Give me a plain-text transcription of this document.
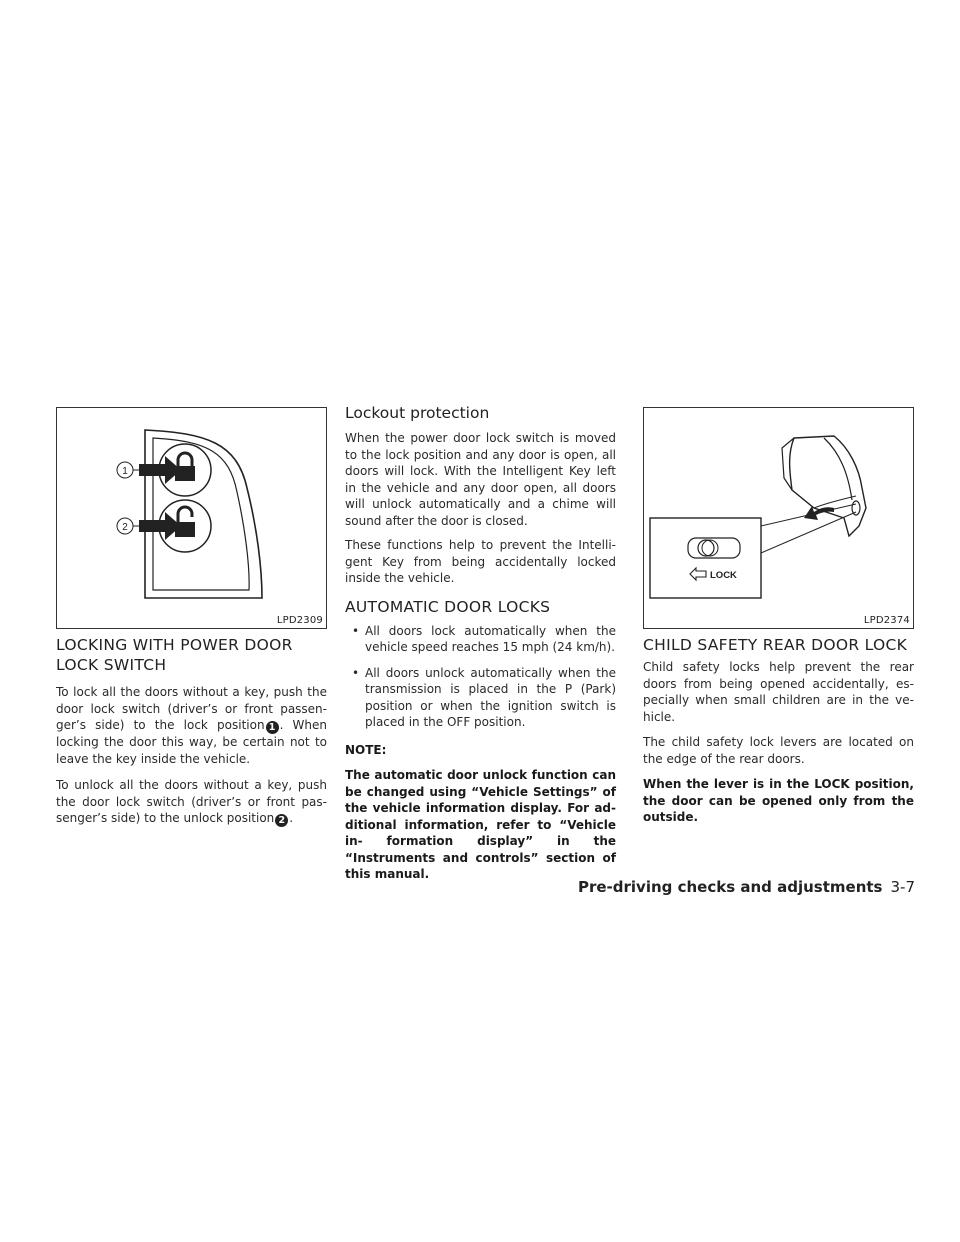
1
2
LPD2309
LOCKING WITH POWER DOOR LOCK SWITCH

To lock all the doors without a key, push the door lock switch (driver’s or front passen- ger’s side) to the lock position 1 . When locking the door this way, be certain not to leave the key inside the vehicle.

To unlock all the doors without a key, push the door lock switch (driver’s or front pas- senger’s side) to the unlock position 2 .

Lockout protection

When the power door lock switch is moved to the lock position and any door is open, all doors will lock. With the Intelligent Key left in the vehicle and any door open, all doors will unlock automatically and a chime will sound after the door is closed.

These functions help to prevent the Intelli- gent Key from being accidentally locked inside the vehicle.

AUTOMATIC DOOR LOCKS
• All doors lock automatically when the vehicle speed reaches 15 mph (24 km/h).
• All doors unlock automatically when the transmission is placed in the P (Park) position or when the ignition switch is placed in the OFF position.

NOTE:

The automatic door unlock function can be changed using “Vehicle Settings” of the vehicle information display. For ad- ditional information, refer to “Vehicle in- formation display” in the “Instruments and controls” section of this manual.

LOCK
LPD2374
CHILD SAFETY REAR DOOR LOCK

Child safety locks help prevent the rear doors from being opened accidentally, es- pecially when small children are in the ve- hicle.

The child safety lock levers are located on the edge of the rear doors.

When the lever is in the LOCK position, the door can be opened only from the outside.

Pre-driving checks and adjustments 3-7
